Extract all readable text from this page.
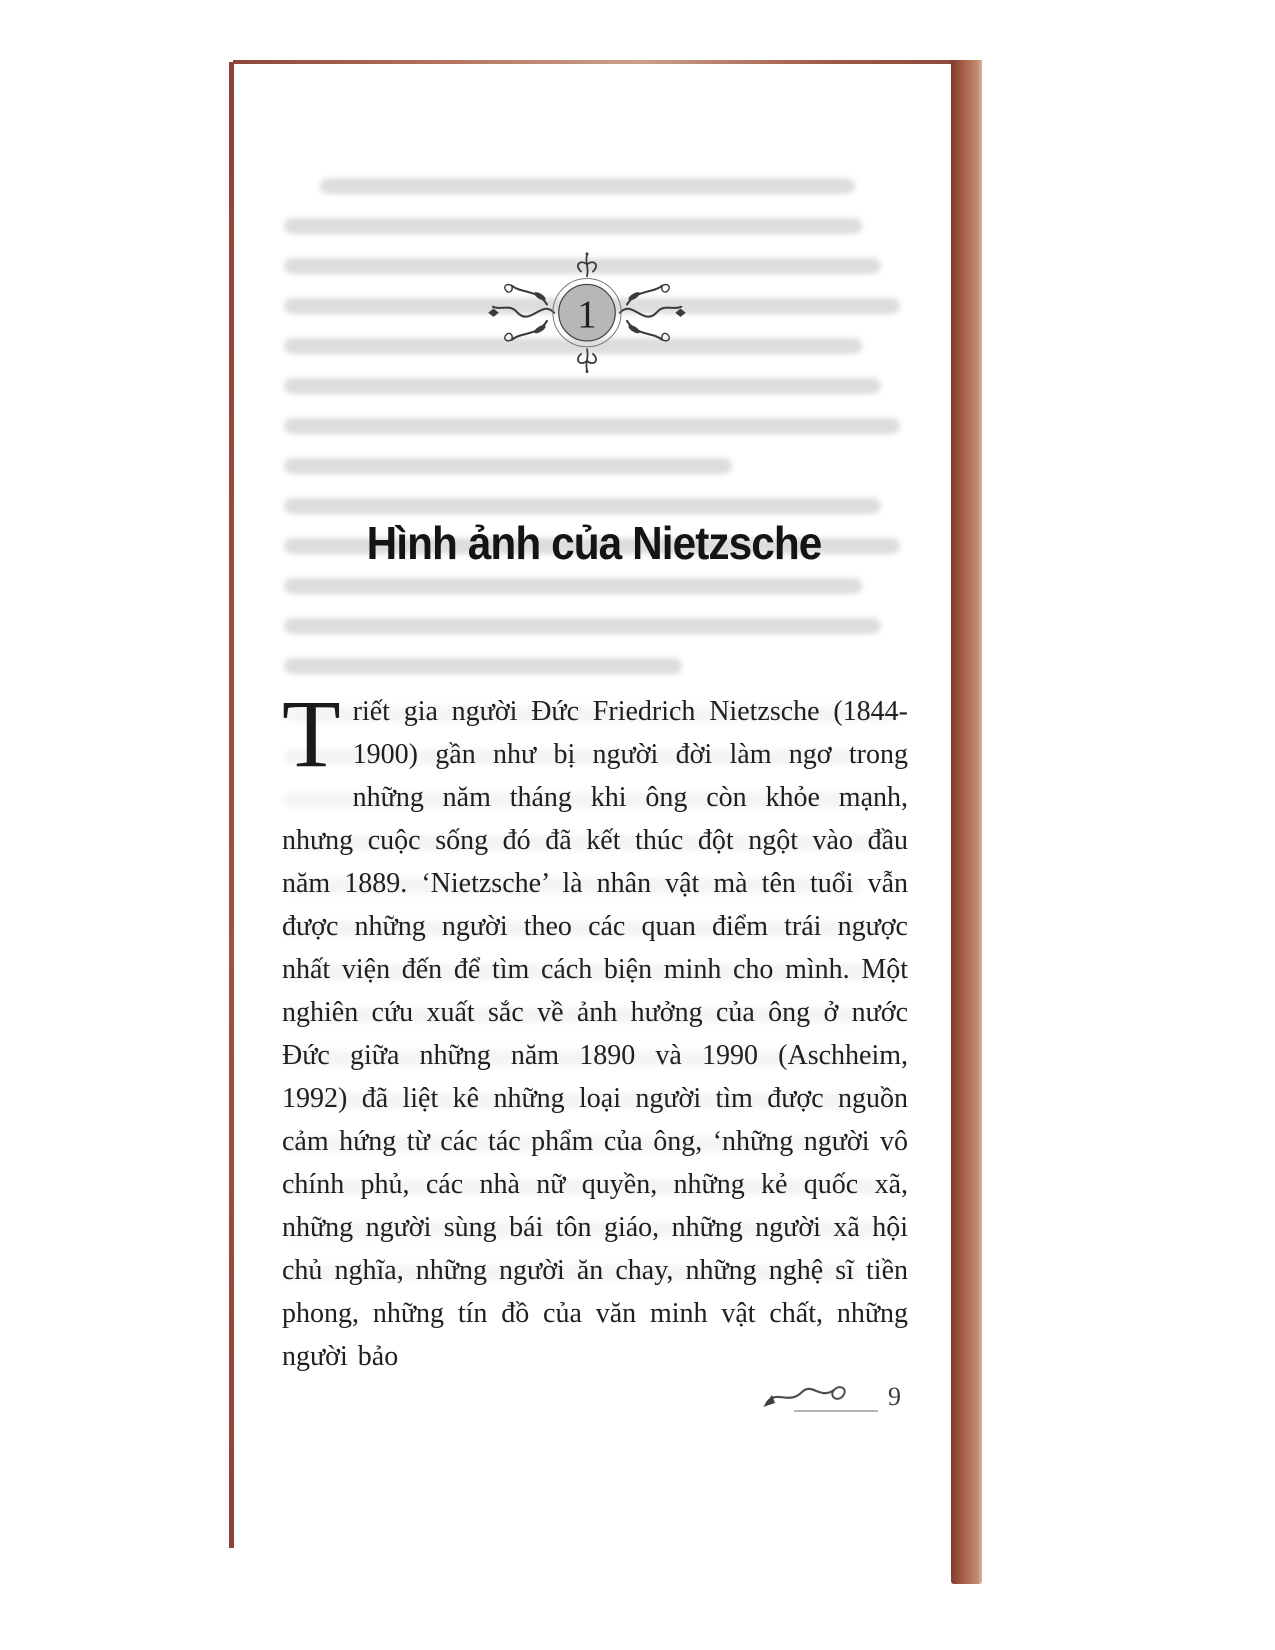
1
Hình ảnh của Nietzsche
Triết gia người Đức Friedrich Nietzsche (1844-1900) gần như bị người đời làm ngơ trong những năm tháng khi ông còn khỏe mạnh, nhưng cuộc sống đó đã kết thúc đột ngột vào đầu năm 1889. ‘Nietzsche’ là nhân vật mà tên tuổi vẫn được những người theo các quan điểm trái ngược nhất viện đến để tìm cách biện minh cho mình. Một nghiên cứu xuất sắc về ảnh hưởng của ông ở nước Đức giữa những năm 1890 và 1990 (Aschheim, 1992) đã liệt kê những loại người tìm được nguồn cảm hứng từ các tác phẩm của ông, ‘những người vô chính phủ, các nhà nữ quyền, những kẻ quốc xã, những người sùng bái tôn giáo, những người xã hội chủ nghĩa, những người ăn chay, những nghệ sĩ tiền phong, những tín đồ của văn minh vật chất, những người bảo
9
